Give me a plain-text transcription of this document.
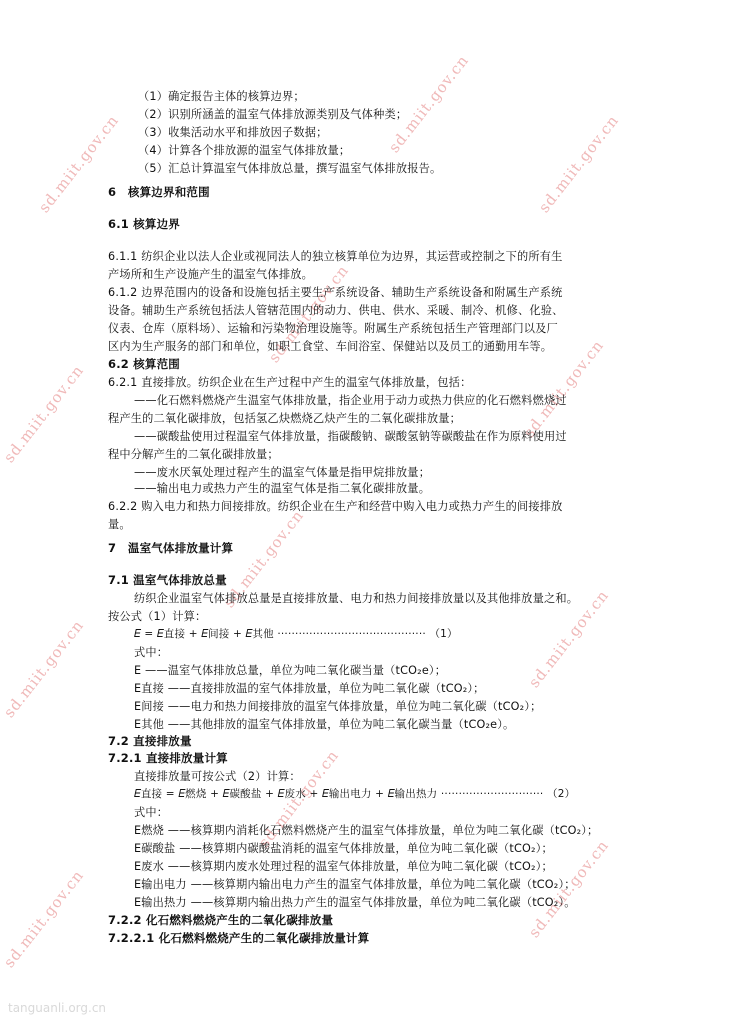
sd.miit.gov.cn
sd.miit.gov.cn	sd.miit.gov.cn
sd.miit.gov.cn
sd.miit.gov.cn	sd.miit.gov.cn
sd.miit.gov.cn
sd.miit.gov.cn	sd.miit.gov.cn
sd.miit.gov.cn
sd.miit.gov.cn	sd.miit.gov.cn
（1）确定报告主体的核算边界；
（2）识别所涵盖的温室气体排放源类别及气体种类；
（3）收集活动水平和排放因子数据；
（4）计算各个排放源的温室气体排放量；
（5）汇总计算温室气体排放总量，撰写温室气体排放报告。
6　核算边界和范围
6.1 核算边界
6.1.1 纺织企业以法人企业或视同法人的独立核算单位为边界，其运营或控制之下的所有生
产场所和生产设施产生的温室气体排放。
6.1.2 边界范围内的设备和设施包括主要生产系统设备、辅助生产系统设备和附属生产系统
设备。辅助生产系统包括法人管辖范围内的动力、供电、供水、采暖、制冷、机修、化验、
仪表、仓库（原料场）、运输和污染物治理设施等。附属生产系统包括生产管理部门以及厂
区内为生产服务的部门和单位，如职工食堂、车间浴室、保健站以及员工的通勤用车等。
6.2 核算范围
6.2.1 直接排放。纺织企业在生产过程中产生的温室气体排放量，包括：
——化石燃料燃烧产生温室气体排放量，指企业用于动力或热力供应的化石燃料燃烧过
程产生的二氧化碳排放，包括氢乙炔燃烧乙炔产生的二氧化碳排放量；
——碳酸盐使用过程温室气体排放量，指碳酸钠、碳酸氢钠等碳酸盐在作为原料使用过
程中分解产生的二氧化碳排放量；
——废水厌氧处理过程产生的温室气体量是指甲烷排放量；
——输出电力或热力产生的温室气体是指二氧化碳排放量。
6.2.2 购入电力和热力间接排放。纺织企业在生产和经营中购入电力或热力产生的间接排放
量。
7　温室气体排放量计算
7.1 温室气体排放总量
纺织企业温室气体排放总量是直接排放量、电力和热力间接排放量以及其他排放量之和。
按公式（1）计算：
𝐸 = 𝐸直接 + 𝐸间接 + 𝐸其他 ·········································· （1）
式中：
E ——温室气体排放总量，单位为吨二氧化碳当量（tCO₂e）；
E直接 ——直接排放温的室气体排放量，单位为吨二氧化碳（tCO₂）；
E间接 ——电力和热力间接排放的温室气体排放量，单位为吨二氧化碳（tCO₂）；
E其他 ——其他排放的温室气体排放量，单位为吨二氧化碳当量（tCO₂e）。
7.2 直接排放量
7.2.1 直接排放量计算
直接排放量可按公式（2）计算：
𝐸直接 = 𝐸燃烧 + 𝐸碳酸盐 + 𝐸废水 + 𝐸输出电力 + 𝐸输出热力 ····························· （2）
式中：
E燃烧 ——核算期内消耗化石燃料燃烧产生的温室气体排放量，单位为吨二氧化碳（tCO₂）；
E碳酸盐 ——核算期内碳酸盐消耗的温室气体排放量，单位为吨二氧化碳（tCO₂）；
E废水 ——核算期内废水处理过程的温室气体排放量，单位为吨二氧化碳（tCO₂）；
E输出电力 ——核算期内输出电力产生的温室气体排放量，单位为吨二氧化碳（tCO₂）；
E输出热力 ——核算期内输出热力产生的温室气体排放量，单位为吨二氧化碳（tCO₂）。
7.2.2 化石燃料燃烧产生的二氧化碳排放量
7.2.2.1 化石燃料燃烧产生的二氧化碳排放量计算
tanguanli.org.cn
